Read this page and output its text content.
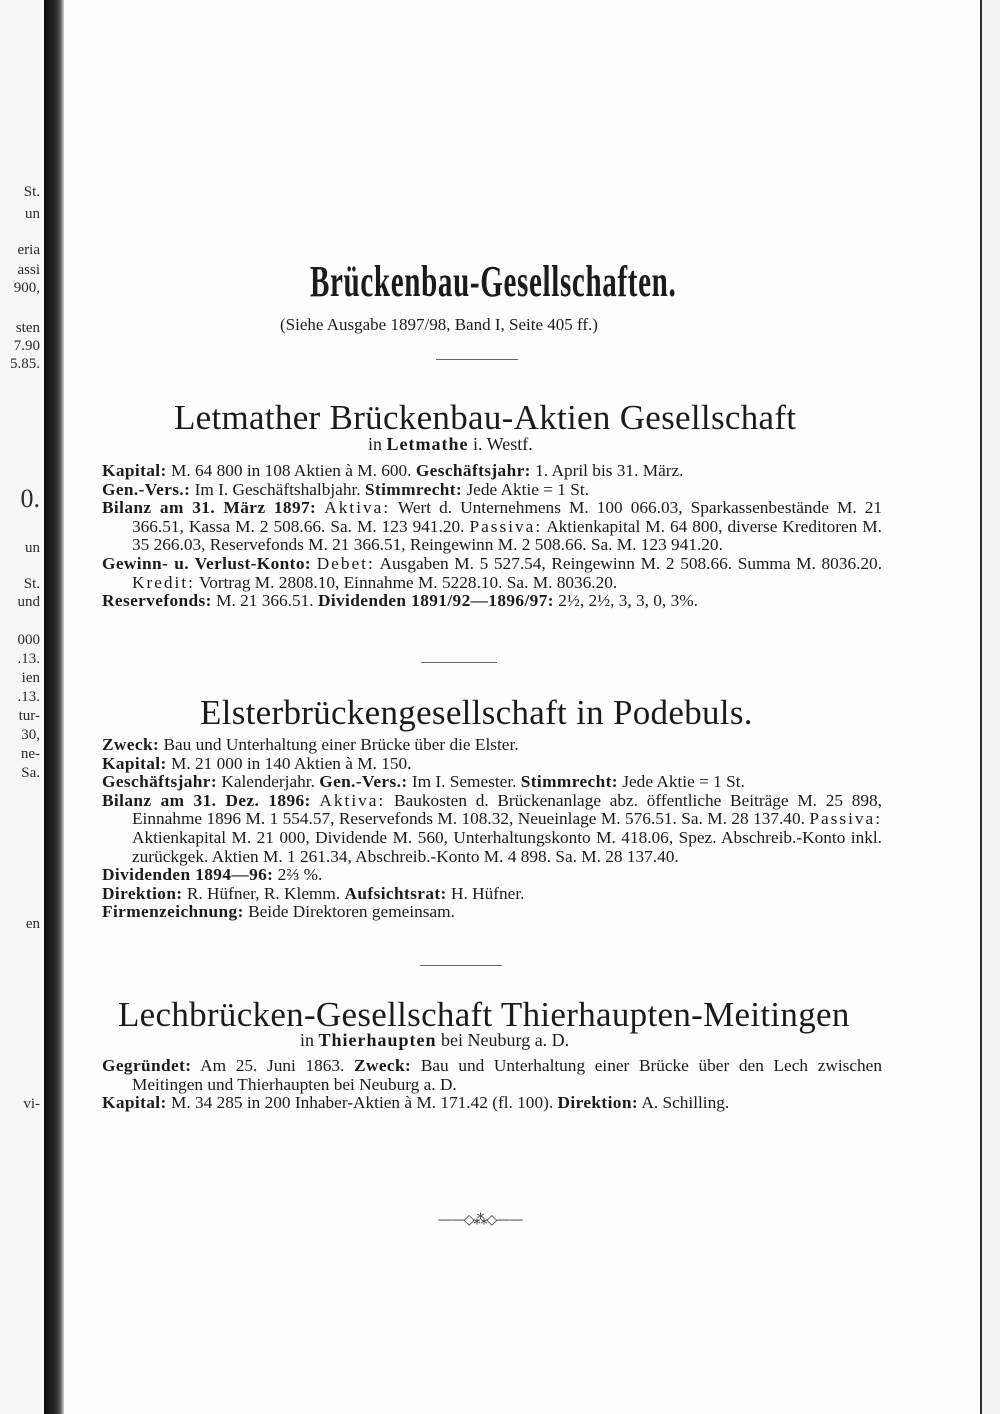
St.
un
eria
assi
900,
sten
7.90
5.85.
0.
un
St.
und
000
.13.
ien
.13.
tur-
30,
ne-
Sa.
en
vi-
Brückenbau-Gesellschaften.
(Siehe Ausgabe 1897/98, Band I, Seite 405 ff.)
Letmather Brückenbau-Aktien Gesellschaft
in Letmathe i. Westf.
Kapital: M. 64 800 in 108 Aktien à M. 600. Geschäftsjahr: 1. April bis 31. März.
Gen.-Vers.: Im I. Geschäftshalbjahr. Stimmrecht: Jede Aktie = 1 St.
Bilanz am 31. März 1897: Aktiva: Wert d. Unternehmens M. 100 066.03, Sparkassenbestände M. 21 366.51, Kassa M. 2 508.66. Sa. M. 123 941.20. Passiva: Aktienkapital M. 64 800, diverse Kreditoren M. 35 266.03, Reservefonds M. 21 366.51, Reingewinn M. 2 508.66. Sa. M. 123 941.20.
Gewinn- u. Verlust-Konto: Debet: Ausgaben M. 5 527.54, Reingewinn M. 2 508.66. Summa M. 8036.20. Kredit: Vortrag M. 2808.10, Einnahme M. 5228.10. Sa. M. 8036.20.
Reservefonds: M. 21 366.51. Dividenden 1891/92—1896/97: 2½, 2½, 3, 3, 0, 3%.
Elsterbrückengesellschaft in Podebuls.
Zweck: Bau und Unterhaltung einer Brücke über die Elster.
Kapital: M. 21 000 in 140 Aktien à M. 150.
Geschäftsjahr: Kalenderjahr. Gen.-Vers.: Im I. Semester. Stimmrecht: Jede Aktie = 1 St.
Bilanz am 31. Dez. 1896: Aktiva: Baukosten d. Brückenanlage abz. öffentliche Beiträge M. 25 898, Einnahme 1896 M. 1 554.57, Reservefonds M. 108.32, Neueinlage M. 576.51. Sa. M. 28 137.40. Passiva: Aktienkapital M. 21 000, Dividende M. 560, Unterhaltungskonto M. 418.06, Spez. Abschreib.-Konto inkl. zurückgek. Aktien M. 1 261.34, Abschreib.-Konto M. 4 898. Sa. M. 28 137.40.
Dividenden 1894—96: 2⅔ %.
Direktion: R. Hüfner, R. Klemm. Aufsichtsrat: H. Hüfner.
Firmenzeichnung: Beide Direktoren gemeinsam.
Lechbrücken-Gesellschaft Thierhaupten-Meitingen
in Thierhaupten bei Neuburg a. D.
Gegründet: Am 25. Juni 1863. Zweck: Bau und Unterhaltung einer Brücke über den Lech zwischen Meitingen und Thierhaupten bei Neuburg a. D.
Kapital: M. 34 285 in 200 Inhaber-Aktien à M. 171.42 (fl. 100). Direktion: A. Schilling.
——◇⁂◇——
